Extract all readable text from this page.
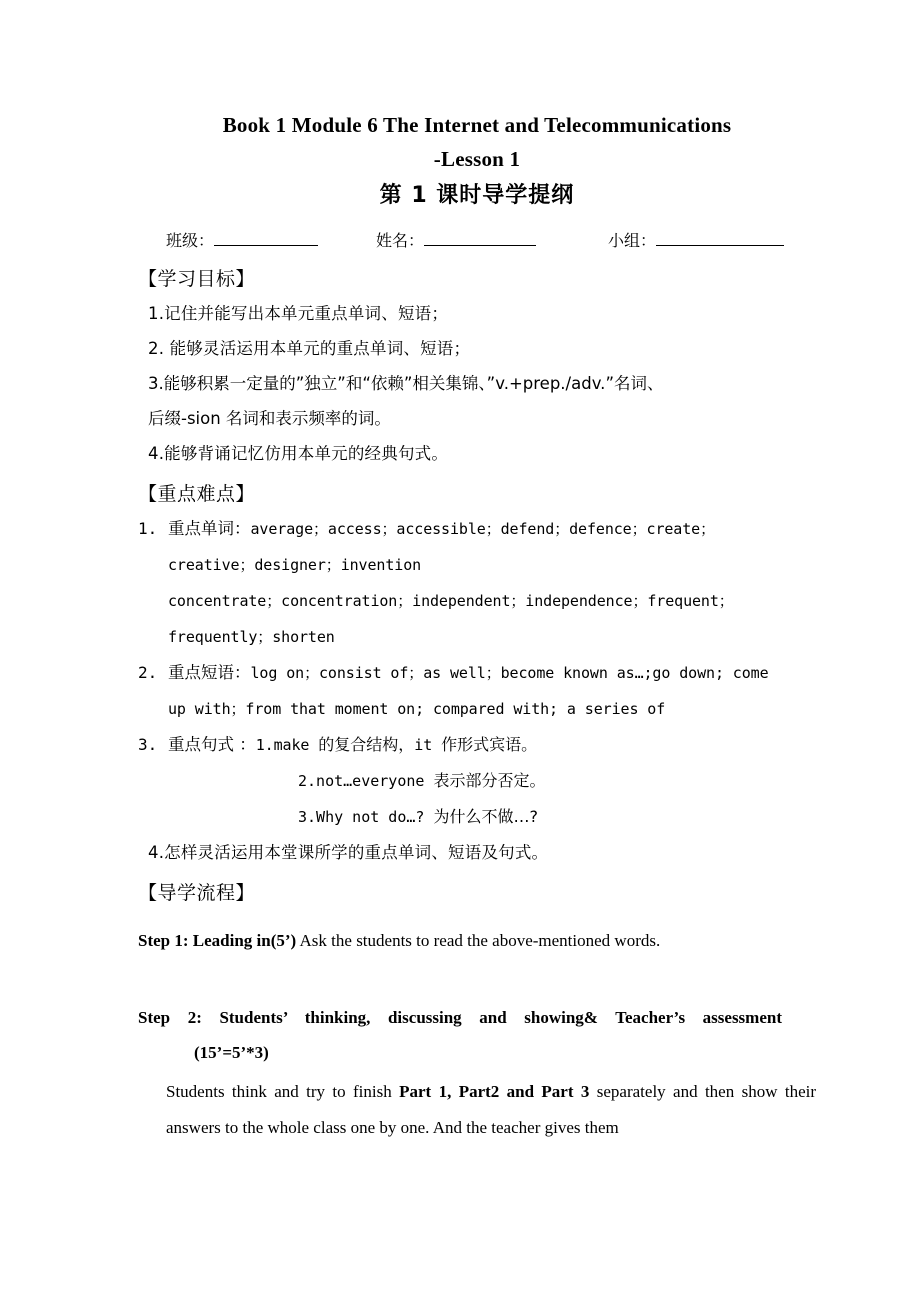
Book 1 Module 6 The Internet and Telecommunications
-Lesson 1
第 1 课时导学提纲
班级：	姓名：	小组：
【学习目标】
1.记住并能写出本单元重点单词、短语；
2. 能够灵活运用本单元的重点单词、短语；
3.能够积累一定量的”独立”和“依赖”相关集锦、”v.+prep./adv.”名词、
后缀-sion 名词和表示频率的词。
4.能够背诵记忆仿用本单元的经典句式。
【重点难点】
1. 重点单词：average；access；accessible；defend；defence；create；
creative；designer；invention
concentrate；concentration；independent；independence；frequent；
frequently；shorten
2. 重点短语：log on；consist of；as well；become known as…;go down; come
up with；from that moment on; compared with; a series of
3. 重点句式 ：1.make 的复合结构，it 作形式宾语。
2.not…everyone 表示部分否定。
3.Why not do…? 为什么不做…?
4.怎样灵活运用本堂课所学的重点单词、短语及句式。
【导学流程】
Step 1: Leading in(5’) Ask the students to read the above-mentioned words.
Step 2: Students’ thinking, discussing and showing& Teacher’s assessment
(15’=5’*3)
Students think and try to finish Part 1, Part2 and Part 3 separately and then show their answers to the whole class one by one. And the teacher gives them
